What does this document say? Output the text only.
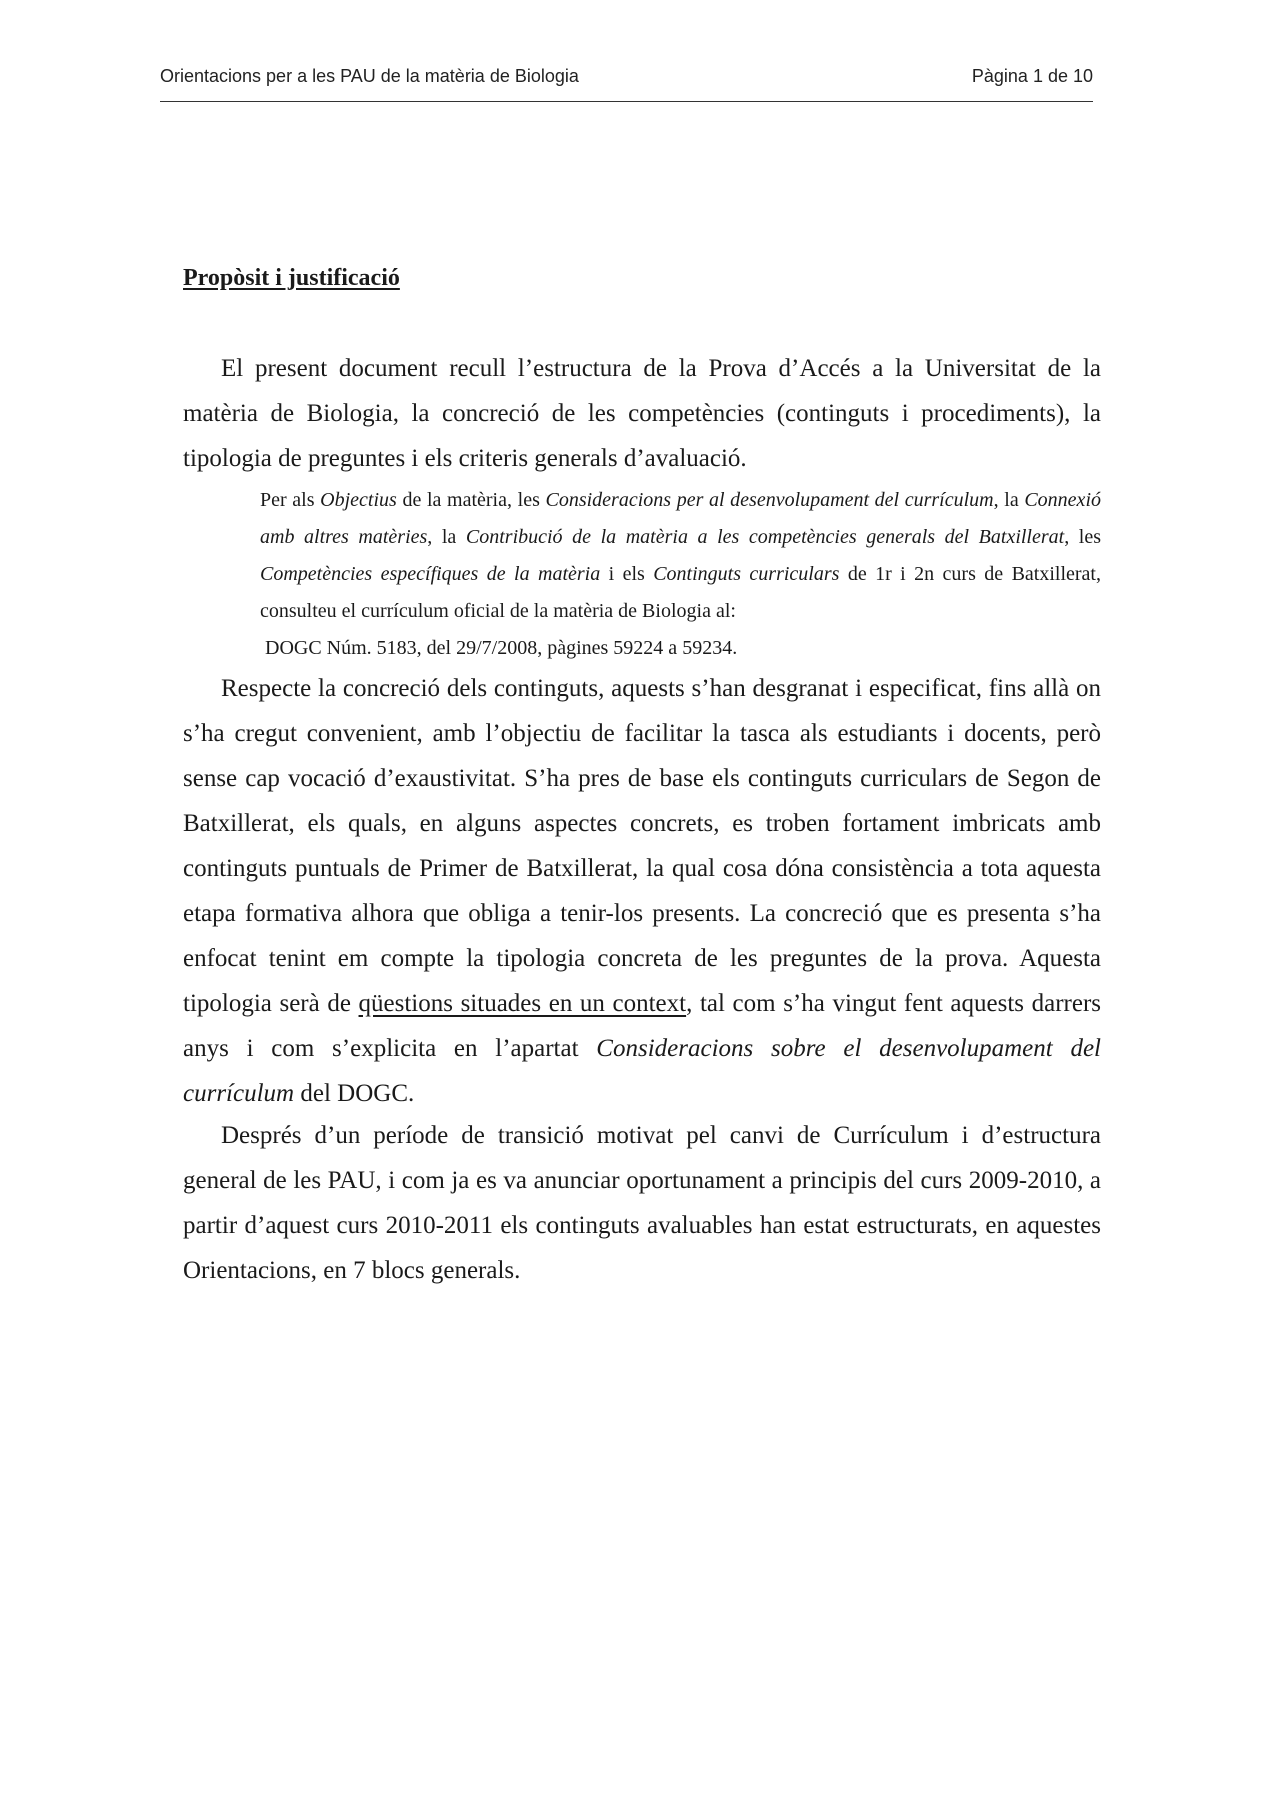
Orientacions per a les PAU de la matèria de Biologia	Pàgina 1 de 10
Propòsit i justificació

El present document recull l’estructura de la Prova d’Accés a la Universitat de la matèria de Biologia, la concreció de les competències (continguts i procediments), la tipologia de preguntes i els criteris generals d’avaluació.

Per als Objectius de la matèria, les Consideracions per al desenvolupament del currículum, la Connexió amb altres matèries, la Contribució de la matèria a les competències generals del Batxillerat, les Competències específiques de la matèria i els Continguts curriculars de 1r i 2n curs de Batxillerat, consulteu el currículum oficial de la matèria de Biologia al:

DOGC Núm. 5183, del 29/7/2008, pàgines 59224 a 59234.

Respecte la concreció dels continguts, aquests s’han desgranat i especificat, fins allà on s’ha cregut convenient, amb l’objectiu de facilitar la tasca als estudiants i docents, però sense cap vocació d’exaustivitat. S’ha pres de base els continguts curriculars de Segon de Batxillerat, els quals, en alguns aspectes concrets, es troben fortament imbricats amb continguts puntuals de Primer de Batxillerat, la qual cosa dóna consistència a tota aquesta etapa formativa alhora que obliga a tenir-los presents. La concreció que es presenta s’ha enfocat tenint em compte la tipologia concreta de les preguntes de la prova. Aquesta tipologia serà de qüestions situades en un context, tal com s’ha vingut fent aquests darrers anys i com s’explicita en l’apartat Consideracions sobre el desenvolupament del currículum del DOGC.

Després d’un període de transició motivat pel canvi de Currículum i d’estructura general de les PAU, i com ja es va anunciar oportunament a principis del curs 2009-2010, a partir d’aquest curs 2010-2011 els continguts avaluables han estat estructurats, en aquestes Orientacions, en 7 blocs generals.
